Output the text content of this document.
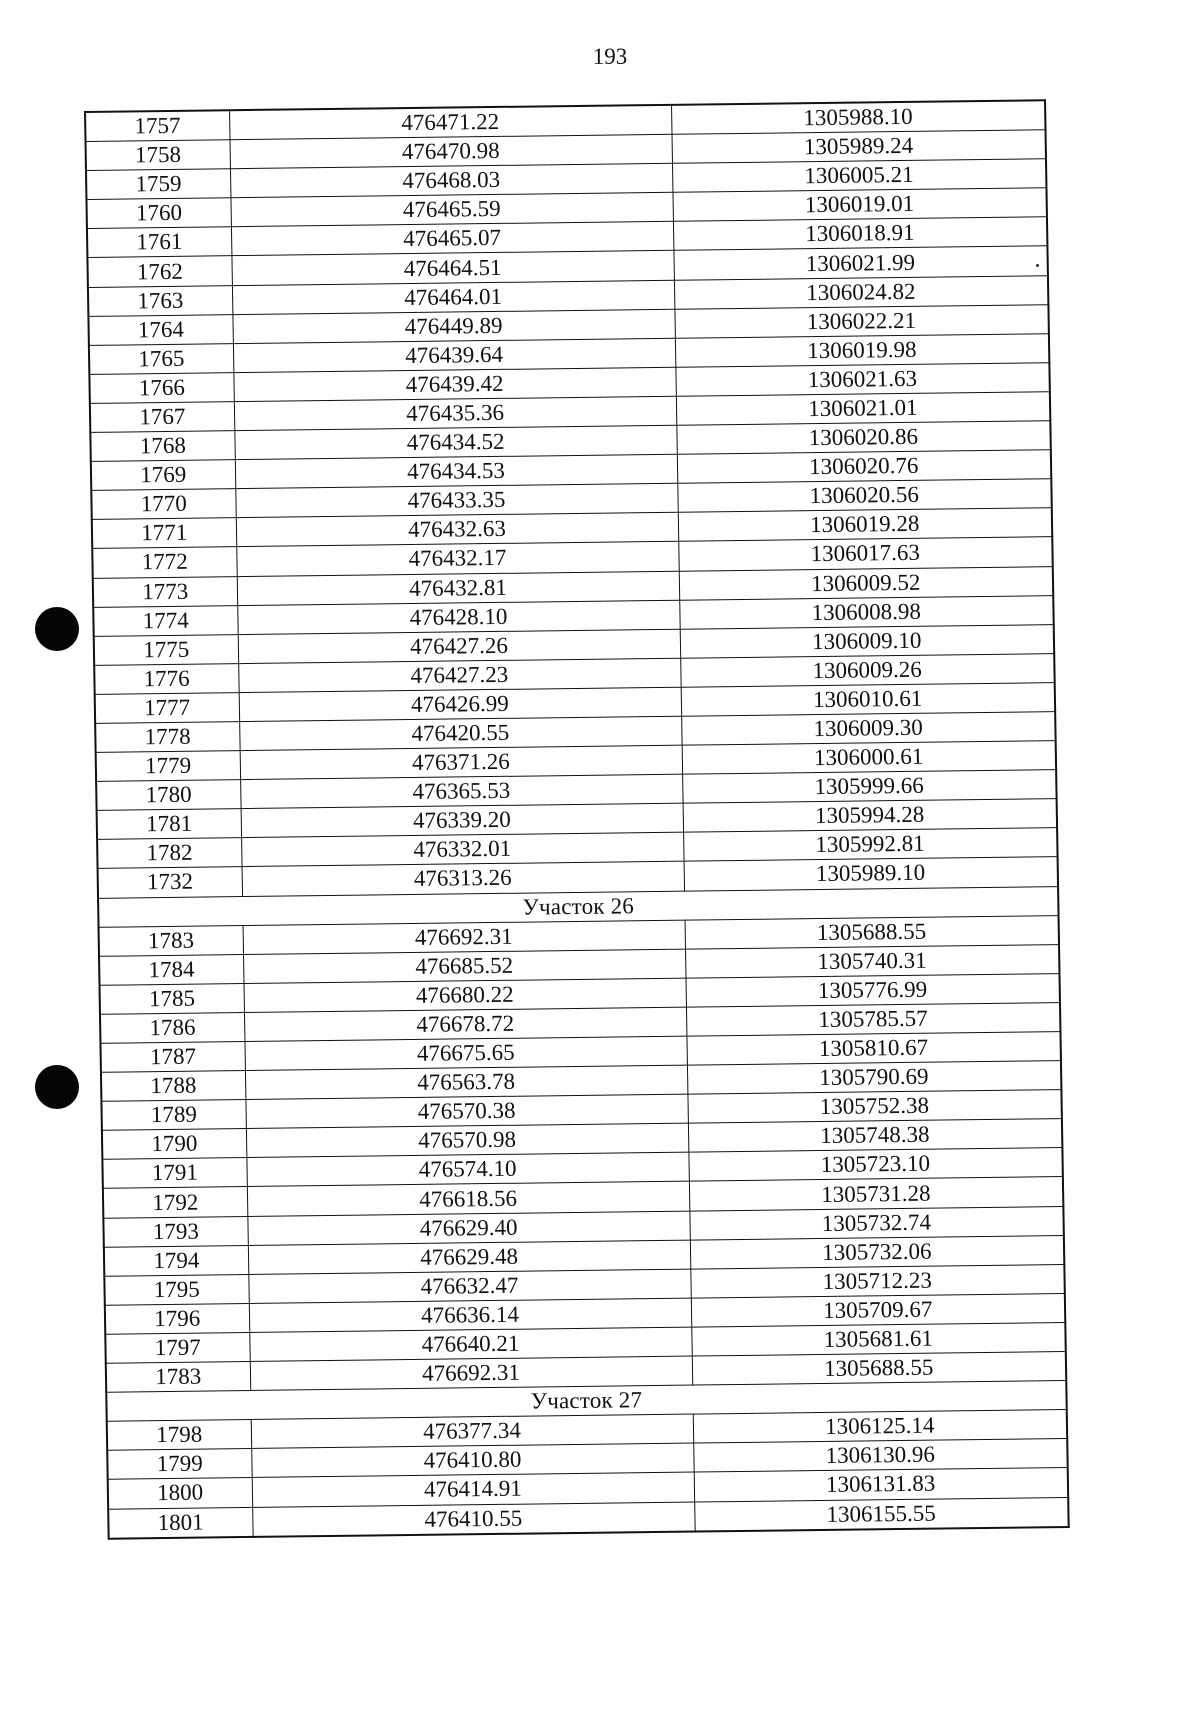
193
1757	476471.22	1305988.10
1758	476470.98	1305989.24
1759	476468.03	1306005.21
1760	476465.59	1306019.01
1761	476465.07	1306018.91
1762	476464.51	1306021.99
1763	476464.01	1306024.82
1764	476449.89	1306022.21
1765	476439.64	1306019.98
1766	476439.42	1306021.63
1767	476435.36	1306021.01
1768	476434.52	1306020.86
1769	476434.53	1306020.76
1770	476433.35	1306020.56
1771	476432.63	1306019.28
1772	476432.17	1306017.63
1773	476432.81	1306009.52
1774	476428.10	1306008.98
1775	476427.26	1306009.10
1776	476427.23	1306009.26
1777	476426.99	1306010.61
1778	476420.55	1306009.30
1779	476371.26	1306000.61
1780	476365.53	1305999.66
1781	476339.20	1305994.28
1782	476332.01	1305992.81
1732	476313.26	1305989.10
Участок 26		
1783	476692.31	1305688.55
1784	476685.52	1305740.31
1785	476680.22	1305776.99
1786	476678.72	1305785.57
1787	476675.65	1305810.67
1788	476563.78	1305790.69
1789	476570.38	1305752.38
1790	476570.98	1305748.38
1791	476574.10	1305723.10
1792	476618.56	1305731.28
1793	476629.40	1305732.74
1794	476629.48	1305732.06
1795	476632.47	1305712.23
1796	476636.14	1305709.67
1797	476640.21	1305681.61
1783	476692.31	1305688.55
Участок 27		
1798	476377.34	1306125.14
1799	476410.80	1306130.96
1800	476414.91	1306131.83
1801	476410.55	1306155.55
